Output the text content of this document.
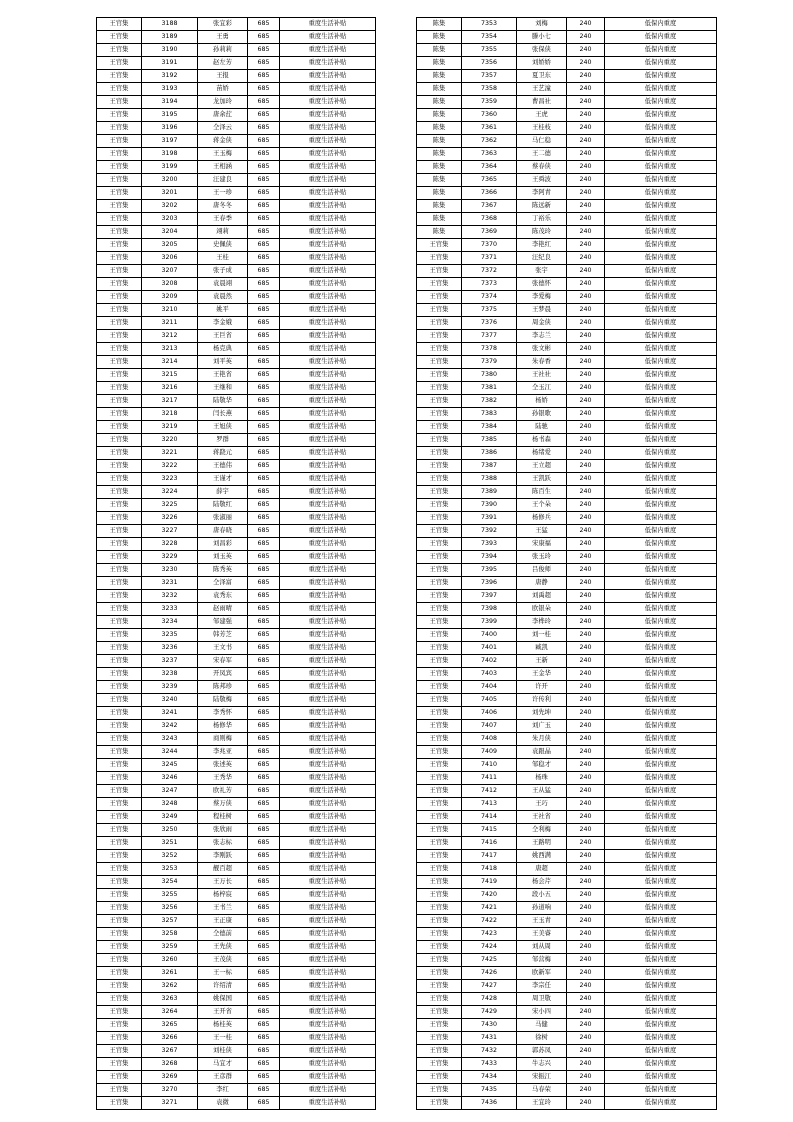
王官集	3188	张宜彩	685	重度生活补贴
王官集	3189	王勇	685	重度生活补贴
王官集	3190	孙莉莉	685	重度生活补贴
王官集	3191	赵左芳	685	重度生活补贴
王官集	3192	王报	685	重度生活补贴
王官集	3193	苗娇	685	重度生活补贴
王官集	3194	龙加玲	685	重度生活补贴
王官集	3195	唐余荭	685	重度生活补贴
王官集	3196	仝泽云	685	重度生活补贴
王官集	3197	蒋金侠	685	重度生活补贴
王官集	3198	王玉梅	685	重度生活补贴
王官集	3199	王相涵	685	重度生活补贴
王官集	3200	汪建良	685	重度生活补贴
王官集	3201	王一珍	685	重度生活补贴
王官集	3202	唐冬冬	685	重度生活补贴
王官集	3203	王春季	685	重度生活补贴
王官集	3204	翊莉	685	重度生活补贴
王官集	3205	史佩侠	685	重度生活补贴
王官集	3206	王桂	685	重度生活补贴
王官集	3207	张子成	685	重度生活补贴
王官集	3208	袁晨翊	685	重度生活补贴
王官集	3209	袁晨然	685	重度生活补贴
王官集	3210	姚平	685	重度生活补贴
王官集	3211	李金娥	685	重度生活补贴
王官集	3212	王巨省	685	重度生活补贴
王官集	3213	杨克典	685	重度生活补贴
王官集	3214	刘平英	685	重度生活补贴
王官集	3215	王艳省	685	重度生活补贴
王官集	3216	王继和	685	重度生活补贴
王官集	3217	陆敬华	685	重度生活补贴
王官集	3218	闫长燕	685	重度生活补贴
王官集	3219	王旭侠	685	重度生活补贴
王官集	3220	罗群	685	重度生活补贴
王官集	3221	蒋跷元	685	重度生活补贴
王官集	3222	王德伟	685	重度生活补贴
王官集	3223	王谨才	685	重度生活补贴
王官集	3224	薛宇	685	重度生活补贴
王官集	3225	陆敬红	685	重度生活补贴
王官集	3226	张淑丽	685	重度生活补贴
王官集	3227	唐春晓	685	重度生活补贴
王官集	3228	刘昌彩	685	重度生活补贴
王官集	3229	刘玉英	685	重度生活补贴
王官集	3230	陈秀英	685	重度生活补贴
王官集	3231	仝泽富	685	重度生活补贴
王官集	3232	袁秀东	685	重度生活补贴
王官集	3233	赵雨晴	685	重度生活补贴
王官集	3234	邹建强	685	重度生活补贴
王官集	3235	韩芳芝	685	重度生活补贴
王官集	3236	王文书	685	重度生活补贴
王官集	3237	宋春军	685	重度生活补贴
王官集	3238	开凤宾	685	重度生活补贴
王官集	3239	陈邦珍	685	重度生活补贴
王官集	3240	陆敬梅	685	重度生活补贴
王官集	3241	李秀怀	685	重度生活补贴
王官集	3242	杨修华	685	重度生活补贴
王官集	3243	商则梅	685	重度生活补贴
王官集	3244	李兆亚	685	重度生活补贴
王官集	3245	张述英	685	重度生活补贴
王官集	3246	王秀华	685	重度生活补贴
王官集	3247	欧礼芳	685	重度生活补贴
王官集	3248	蔡万侠	685	重度生活补贴
王官集	3249	程桂树	685	重度生活补贴
王官集	3250	张欣雨	685	重度生活补贴
王官集	3251	张志标	685	重度生活补贴
王官集	3252	李刚跃	685	重度生活补贴
王官集	3253	靓百超	685	重度生活补贴
王官集	3254	王万长	685	重度生活补贴
王官集	3255	杨梓宸	685	重度生活补贴
王官集	3256	王书兰	685	重度生活补贴
王官集	3257	王正康	685	重度生活补贴
王官集	3258	仝德前	685	重度生活补贴
王官集	3259	王先侠	685	重度生活补贴
王官集	3260	王茂侠	685	重度生活补贴
王官集	3261	王一标	685	重度生活补贴
王官集	3262	许绍清	685	重度生活补贴
王官集	3263	姚保国	685	重度生活补贴
王官集	3264	王开省	685	重度生活补贴
王官集	3265	杨桂英	685	重度生活补贴
王官集	3266	王一桂	685	重度生活补贴
王官集	3267	刘桂侠	685	重度生活补贴
王官集	3268	马宜才	685	重度生活补贴
王官集	3269	王彦群	685	重度生活补贴
王官集	3270	李红	685	重度生活补贴
王官集	3271	袁微	685	重度生活补贴
陈集	7353	刘梅	240	低保内重度
陈集	7354	滕小七	240	低保内重度
陈集	7355	张保侠	240	低保内重度
陈集	7356	刘娇娇	240	低保内重度
陈集	7357	夏卫东	240	低保内重度
陈集	7358	王艺潼	240	低保内重度
陈集	7359	曹昌社	240	低保内重度
陈集	7360	王虎	240	低保内重度
陈集	7361	王桂枝	240	低保内重度
陈集	7362	马仁稳	240	低保内重度
陈集	7363	王二德	240	低保内重度
陈集	7364	蔡春侠	240	低保内重度
陈集	7365	王舜波	240	低保内重度
陈集	7366	李阿青	240	低保内重度
陈集	7367	陈远新	240	低保内重度
陈集	7368	丁裕乐	240	低保内重度
陈集	7369	陈茂玲	240	低保内重度
王官集	7370	李艳红	240	低保内重度
王官集	7371	汪纪良	240	低保内重度
王官集	7372	张宇	240	低保内重度
王官集	7373	张德怀	240	低保内重度
王官集	7374	李爱梅	240	低保内重度
王官集	7375	王梦晨	240	低保内重度
王官集	7376	周金侠	240	低保内重度
王官集	7377	李志兰	240	低保内重度
王官集	7378	张文彬	240	低保内重度
王官集	7379	朱春香	240	低保内重度
王官集	7380	王社社	240	低保内重度
王官集	7381	仝玉江	240	低保内重度
王官集	7382	杨娇	240	低保内重度
王官集	7383	孙银歌	240	低保内重度
王官集	7384	陆驰	240	低保内重度
王官集	7385	杨书森	240	低保内重度
王官集	7386	杨绪爱	240	低保内重度
王官集	7387	王立超	240	低保内重度
王官集	7388	王凯跃	240	低保内重度
王官集	7389	陈百生	240	低保内重度
王官集	7390	王个朵	240	低保内重度
王官集	7391	杨修兵	240	低保内重度
王官集	7392	王猛	240	低保内重度
王官集	7393	宋康福	240	低保内重度
王官集	7394	张玉玲	240	低保内重度
王官集	7395	吕俊师	240	低保内重度
王官集	7396	唐静	240	低保内重度
王官集	7397	刘禹超	240	低保内重度
王官集	7398	欧银朵	240	低保内重度
王官集	7399	李桦玲	240	低保内重度
王官集	7400	刘一桂	240	低保内重度
王官集	7401	臧凯	240	低保内重度
王官集	7402	王新	240	低保内重度
王官集	7403	王金华	240	低保内重度
王官集	7404	许开	240	低保内重度
王官集	7405	许传利	240	低保内重度
王官集	7406	刘先坤	240	低保内重度
王官集	7407	刘广玉	240	低保内重度
王官集	7408	朱月侠	240	低保内重度
王官集	7409	袁跟晶	240	低保内重度
王官集	7410	邹稳才	240	低保内重度
王官集	7411	杨珠	240	低保内重度
王官集	7412	王从猛	240	低保内重度
王官集	7413	王巧	240	低保内重度
王官集	7414	王社省	240	低保内重度
王官集	7415	仝利梅	240	低保内重度
王官集	7416	王路明	240	低保内重度
王官集	7417	姚西满	240	低保内重度
王官集	7418	唐超	240	低保内重度
王官集	7419	杨会芹	240	低保内重度
王官集	7420	段小五	240	低保内重度
王官集	7421	孙道响	240	低保内重度
王官集	7422	王玉青	240	低保内重度
王官集	7423	王美睿	240	低保内重度
王官集	7424	刘从周	240	低保内重度
王官集	7425	邹营梅	240	低保内重度
王官集	7426	欧新军	240	低保内重度
王官集	7427	李宗任	240	低保内重度
王官集	7428	周卫敬	240	低保内重度
王官集	7429	宋小四	240	低保内重度
王官集	7430	马健	240	低保内重度
王官集	7431	徐树	240	低保内重度
王官集	7432	郭苏凤	240	低保内重度
王官集	7433	牛志兴	240	低保内重度
王官集	7434	宋振江	240	低保内重度
王官集	7435	马春荣	240	低保内重度
王官集	7436	王宜玲	240	低保内重度
